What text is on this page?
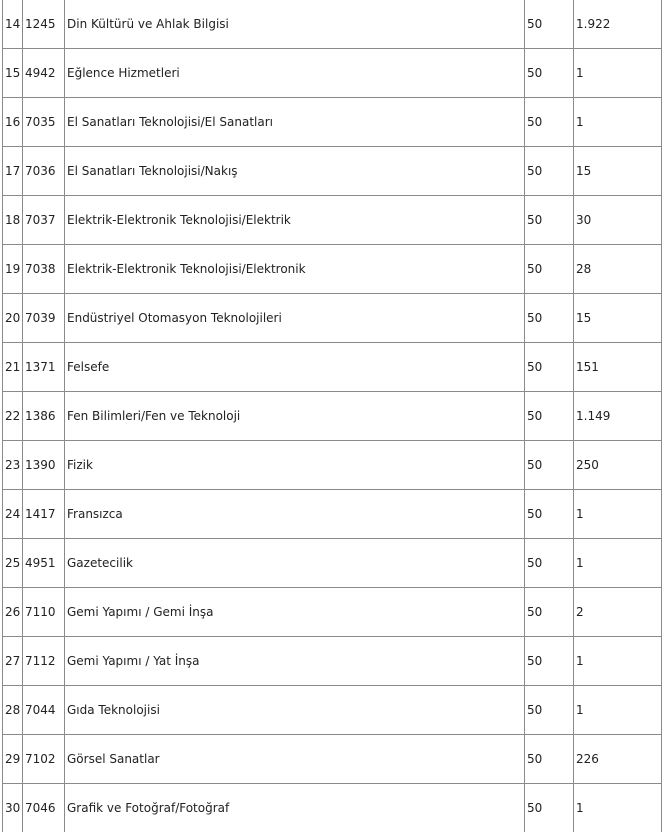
14	1245	Din Kültürü ve Ahlak Bilgisi	50	1.922
15	4942	Eğlence Hizmetleri	50	1
16	7035	El Sanatları Teknolojisi/El Sanatları	50	1
17	7036	El Sanatları Teknolojisi/Nakış	50	15
18	7037	Elektrik-Elektronik Teknolojisi/Elektrik	50	30
19	7038	Elektrik-Elektronik Teknolojisi/Elektronik	50	28
20	7039	Endüstriyel Otomasyon Teknolojileri	50	15
21	1371	Felsefe	50	151
22	1386	Fen Bilimleri/Fen ve Teknoloji	50	1.149
23	1390	Fizik	50	250
24	1417	Fransızca	50	1
25	4951	Gazetecilik	50	1
26	7110	Gemi Yapımı / Gemi İnşa	50	2
27	7112	Gemi Yapımı / Yat İnşa	50	1
28	7044	Gıda Teknolojisi	50	1
29	7102	Görsel Sanatlar	50	226
30	7046	Grafik ve Fotoğraf/Fotoğraf	50	1
